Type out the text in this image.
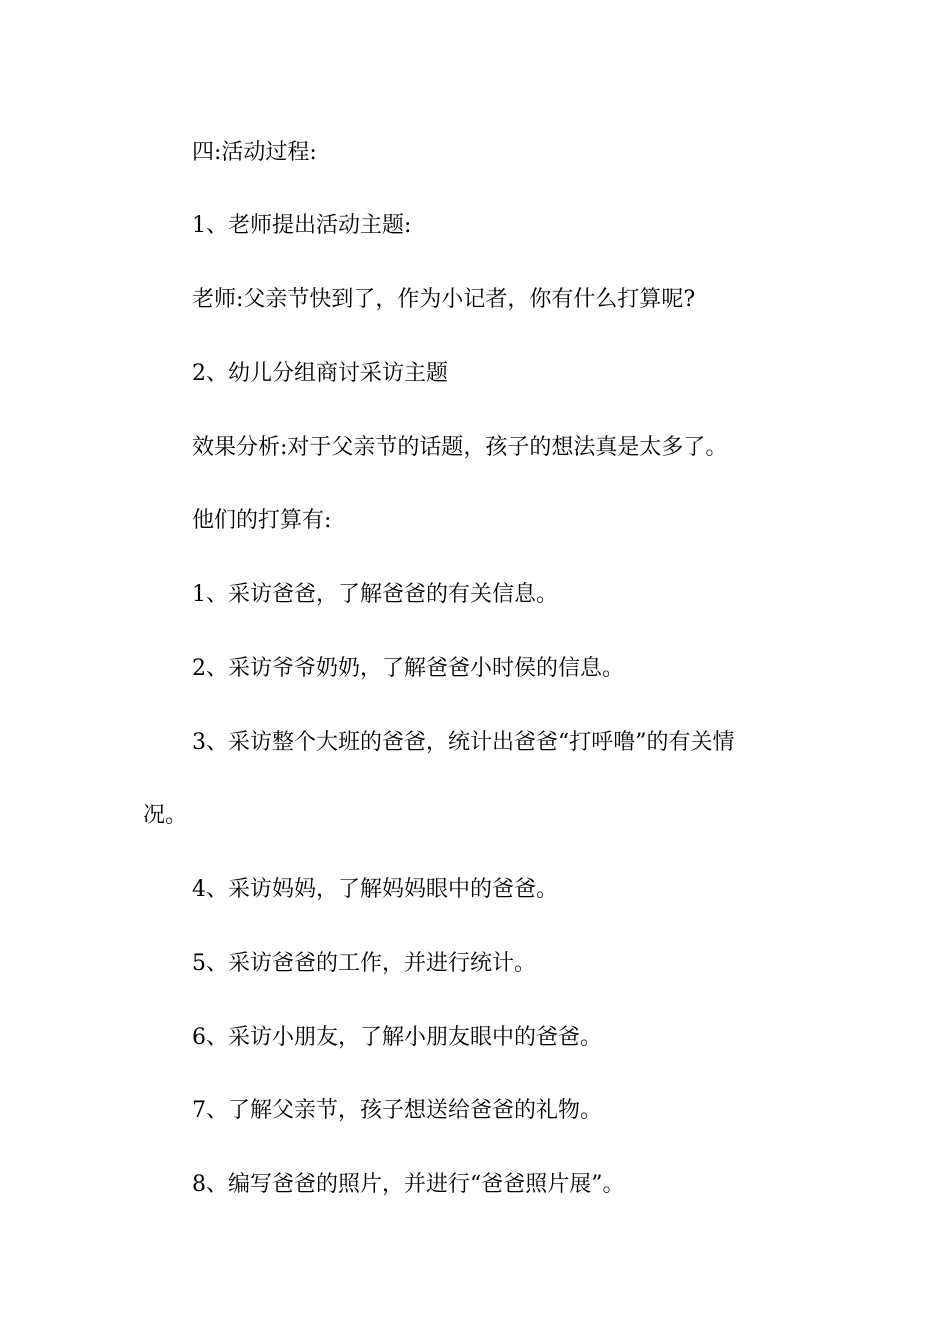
四:活动过程:

1、老师提出活动主题:

老师:父亲节快到了，作为小记者，你有什么打算呢?

2、幼儿分组商讨采访主题

效果分析:对于父亲节的话题，孩子的想法真是太多了。

他们的打算有:

1、采访爸爸，了解爸爸的有关信息。

2、采访爷爷奶奶，了解爸爸小时侯的信息。

3、采访整个大班的爸爸，统计出爸爸“打呼噜”的有关情

况。

4、采访妈妈，了解妈妈眼中的爸爸。

5、采访爸爸的工作，并进行统计。

6、采访小朋友，了解小朋友眼中的爸爸。

7、了解父亲节，孩子想送给爸爸的礼物。

8、编写爸爸的照片，并进行“爸爸照片展”。
